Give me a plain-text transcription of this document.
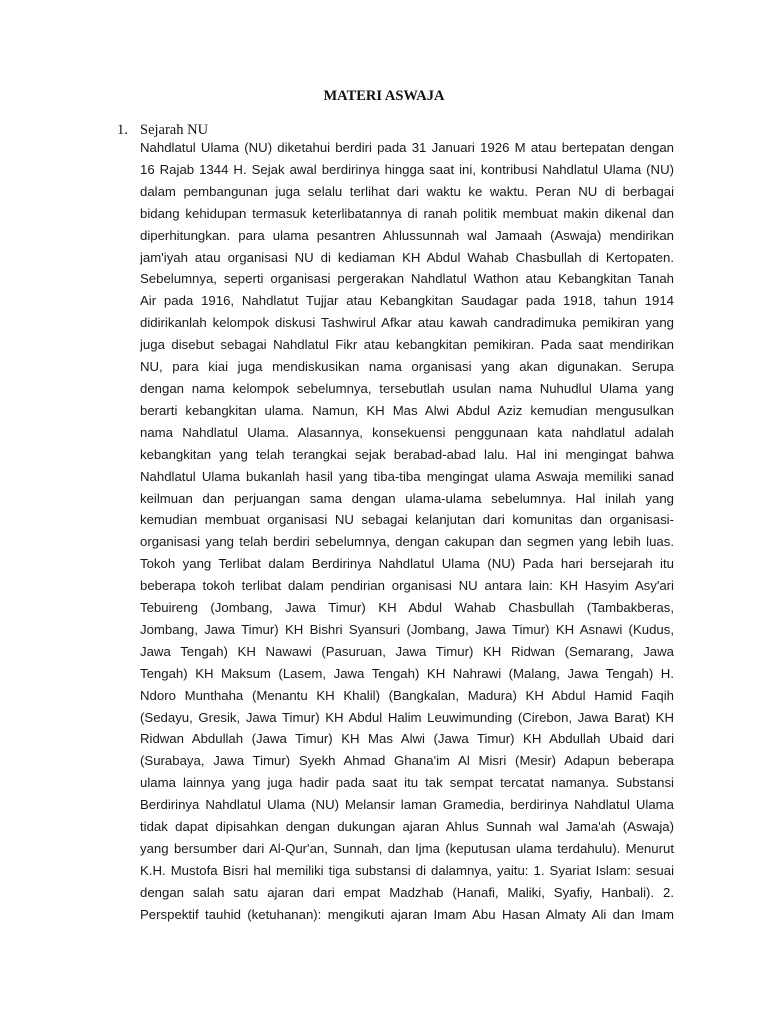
MATERI ASWAJA
1. Sejarah NU
Nahdlatul Ulama (NU) diketahui berdiri pada 31 Januari 1926 M atau bertepatan dengan
16 Rajab 1344 H. Sejak awal berdirinya hingga saat ini, kontribusi Nahdlatul Ulama (NU)
dalam pembangunan juga selalu terlihat dari waktu ke waktu. Peran NU di berbagai
bidang kehidupan termasuk keterlibatannya di ranah politik membuat makin dikenal dan
diperhitungkan. para ulama pesantren Ahlussunnah wal Jamaah (Aswaja) mendirikan
jam'iyah atau organisasi NU di kediaman KH Abdul Wahab Chasbullah di Kertopaten.
Sebelumnya, seperti organisasi pergerakan Nahdlatul Wathon atau Kebangkitan Tanah
Air pada 1916, Nahdlatut Tujjar atau Kebangkitan Saudagar pada 1918, tahun 1914
didirikanlah kelompok diskusi Tashwirul Afkar atau kawah candradimuka pemikiran yang
juga disebut sebagai Nahdlatul Fikr atau kebangkitan pemikiran. Pada saat mendirikan
NU, para kiai juga mendiskusikan nama organisasi yang akan digunakan. Serupa
dengan nama kelompok sebelumnya, tersebutlah usulan nama Nuhudlul Ulama yang
berarti kebangkitan ulama. Namun, KH Mas Alwi Abdul Aziz kemudian mengusulkan
nama Nahdlatul Ulama. Alasannya, konsekuensi penggunaan kata nahdlatul adalah
kebangkitan yang telah terangkai sejak berabad-abad lalu. Hal ini mengingat bahwa
Nahdlatul Ulama bukanlah hasil yang tiba-tiba mengingat ulama Aswaja memiliki sanad
keilmuan dan perjuangan sama dengan ulama-ulama sebelumnya. Hal inilah yang
kemudian membuat organisasi NU sebagai kelanjutan dari komunitas dan organisasi-
organisasi yang telah berdiri sebelumnya, dengan cakupan dan segmen yang lebih luas.
Tokoh yang Terlibat dalam Berdirinya Nahdlatul Ulama (NU) Pada hari bersejarah itu
beberapa tokoh terlibat dalam pendirian organisasi NU antara lain: KH Hasyim Asy'ari
Tebuireng (Jombang, Jawa Timur) KH Abdul Wahab Chasbullah (Tambakberas,
Jombang, Jawa Timur) KH Bishri Syansuri (Jombang, Jawa Timur) KH Asnawi (Kudus,
Jawa Tengah) KH Nawawi (Pasuruan, Jawa Timur) KH Ridwan (Semarang, Jawa
Tengah) KH Maksum (Lasem, Jawa Tengah) KH Nahrawi (Malang, Jawa Tengah) H.
Ndoro Munthaha (Menantu KH Khalil) (Bangkalan, Madura) KH Abdul Hamid Faqih
(Sedayu, Gresik, Jawa Timur) KH Abdul Halim Leuwimunding (Cirebon, Jawa Barat) KH
Ridwan Abdullah (Jawa Timur) KH Mas Alwi (Jawa Timur) KH Abdullah Ubaid dari
(Surabaya, Jawa Timur) Syekh Ahmad Ghana'im Al Misri (Mesir) Adapun beberapa
ulama lainnya yang juga hadir pada saat itu tak sempat tercatat namanya. Substansi
Berdirinya Nahdlatul Ulama (NU) Melansir laman Gramedia, berdirinya Nahdlatul Ulama
tidak dapat dipisahkan dengan dukungan ajaran Ahlus Sunnah wal Jama'ah (Aswaja)
yang bersumber dari Al-Qur'an, Sunnah, dan Ijma (keputusan ulama terdahulu). Menurut
K.H. Mustofa Bisri hal memiliki tiga substansi di dalamnya, yaitu: 1. Syariat Islam: sesuai
dengan salah satu ajaran dari empat Madzhab (Hanafi, Maliki, Syafiy, Hanbali). 2.
Perspektif tauhid (ketuhanan): mengikuti ajaran Imam Abu Hasan Almaty Ali dan Imam
